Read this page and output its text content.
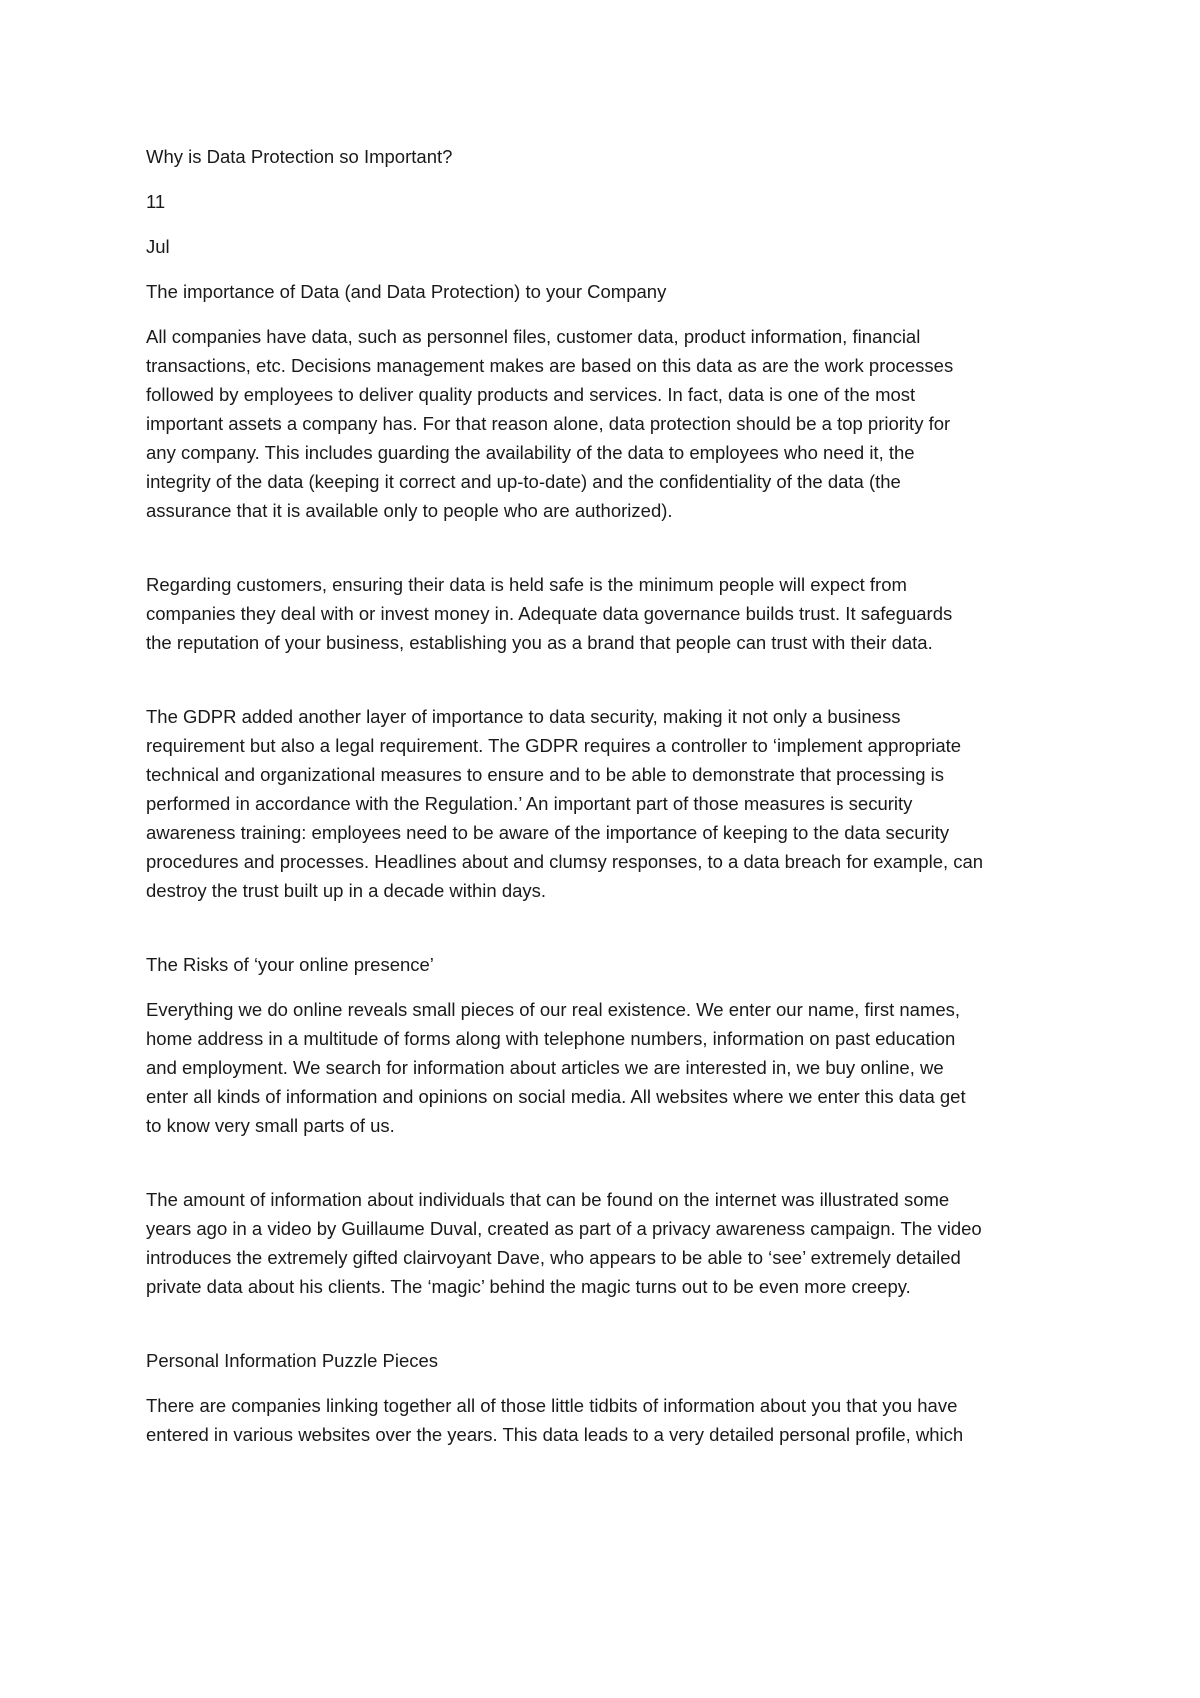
Why is Data Protection so Important?

11

Jul

The importance of Data (and Data Protection) to your Company

All companies have data, such as personnel files, customer data, product information, financial
transactions, etc. Decisions management makes are based on this data as are the work processes
followed by employees to deliver quality products and services. In fact, data is one of the most
important assets a company has. For that reason alone, data protection should be a top priority for
any company. This includes guarding the availability of the data to employees who need it, the
integrity of the data (keeping it correct and up-to-date) and the confidentiality of the data (the
assurance that it is available only to people who are authorized).

Regarding customers, ensuring their data is held safe is the minimum people will expect from
companies they deal with or invest money in. Adequate data governance builds trust. It safeguards
the reputation of your business, establishing you as a brand that people can trust with their data.

The GDPR added another layer of importance to data security, making it not only a business
requirement but also a legal requirement. The GDPR requires a controller to ‘implement appropriate
technical and organizational measures to ensure and to be able to demonstrate that processing is
performed in accordance with the Regulation.’ An important part of those measures is security
awareness training: employees need to be aware of the importance of keeping to the data security
procedures and processes. Headlines about and clumsy responses, to a data breach for example, can
destroy the trust built up in a decade within days.

The Risks of ‘your online presence’

Everything we do online reveals small pieces of our real existence. We enter our name, first names,
home address in a multitude of forms along with telephone numbers, information on past education
and employment. We search for information about articles we are interested in, we buy online, we
enter all kinds of information and opinions on social media. All websites where we enter this data get
to know very small parts of us.

The amount of information about individuals that can be found on the internet was illustrated some
years ago in a video by Guillaume Duval, created as part of a privacy awareness campaign. The video
introduces the extremely gifted clairvoyant Dave, who appears to be able to ‘see’ extremely detailed
private data about his clients. The ‘magic’ behind the magic turns out to be even more creepy.

Personal Information Puzzle Pieces

There are companies linking together all of those little tidbits of information about you that you have
entered in various websites over the years. This data leads to a very detailed personal profile, which
